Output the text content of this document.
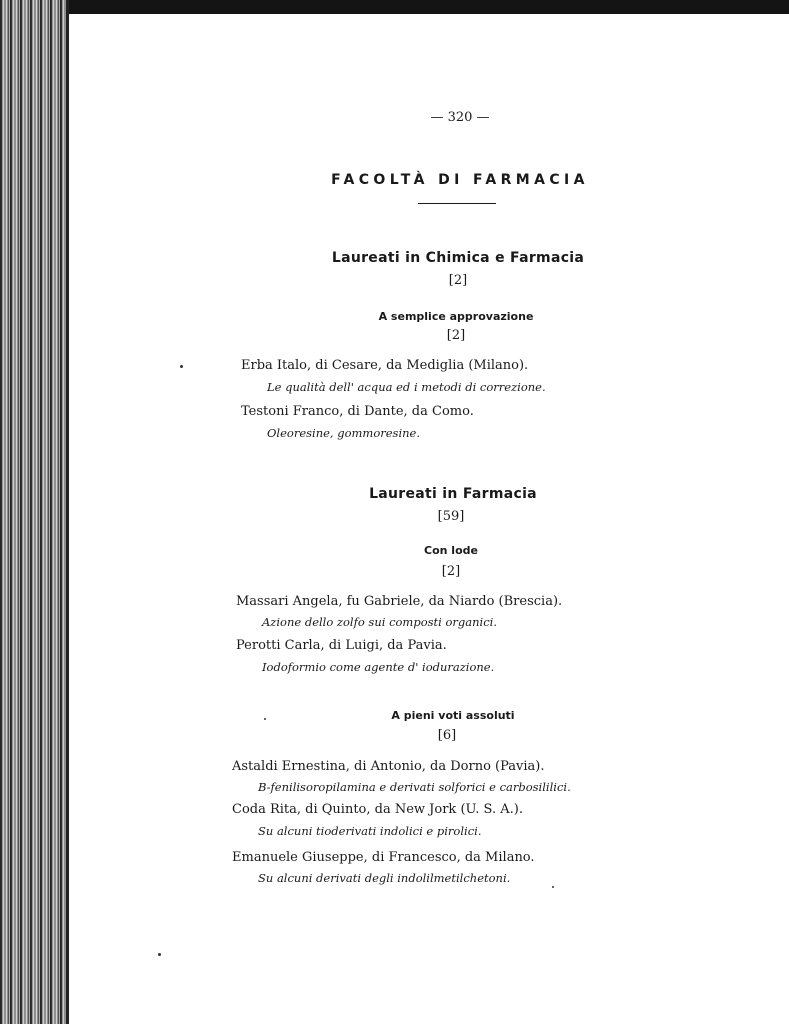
— 320 —
FACOLTÀ DI FARMACIA
Laureati in Chimica e Farmacia
[2]
A semplice approvazione
[2]
Erba Italo, di Cesare, da Mediglia (Milano).
Le qualità dell' acqua ed i metodi di correzione.
Testoni Franco, di Dante, da Como.
Oleoresine, gommoresine.
Laureati in Farmacia
[59]
Con lode
[2]
Massari Angela, fu Gabriele, da Niardo (Brescia).
Azione dello zolfo sui composti organici.
Perotti Carla, di Luigi, da Pavia.
Iodoformio come agente d' iodurazione.
A pieni voti assoluti
[6]
Astaldi Ernestina, di Antonio, da Dorno (Pavia).
B-fenilisoropilamina e derivati solforici e carbosililici.
Coda Rita, di Quinto, da New Jork (U. S. A.).
Su alcuni tioderivati indolici e pirolici.
Emanuele Giuseppe, di Francesco, da Milano.
Su alcuni derivati degli indolilmetilchetoni.
